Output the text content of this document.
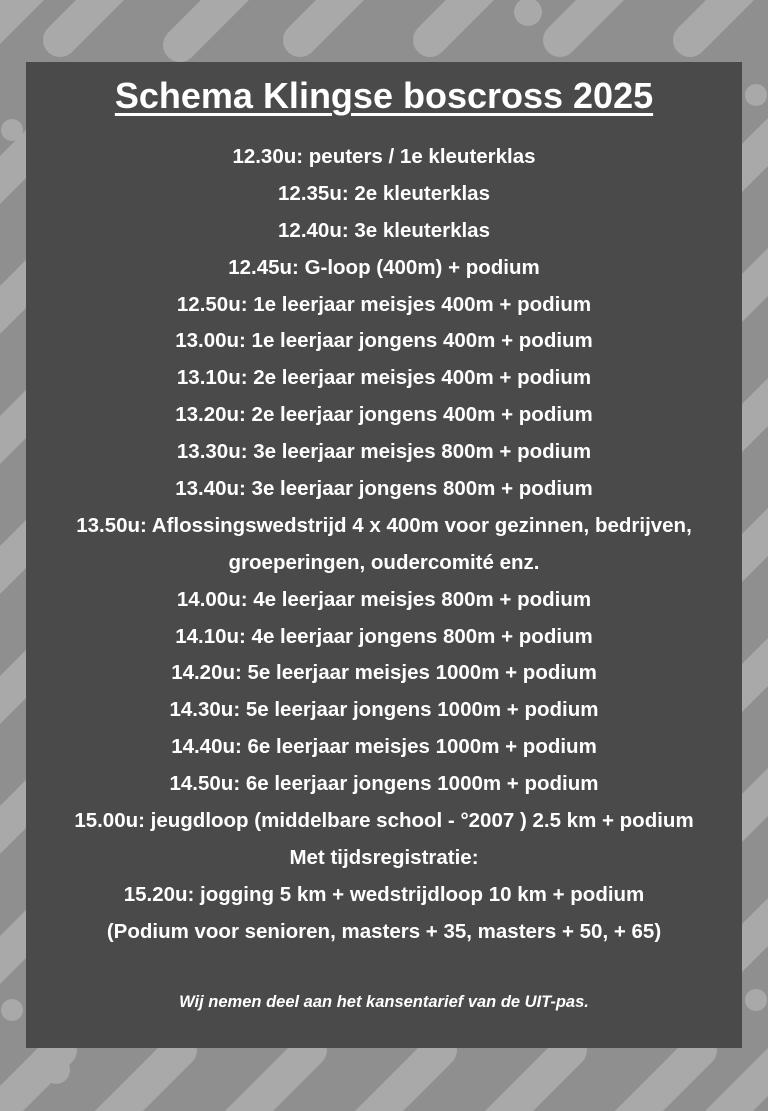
Schema Klingse boscross 2025
12.30u: peuters / 1e kleuterklas
12.35u: 2e kleuterklas
12.40u: 3e kleuterklas
12.45u: G-loop (400m) + podium
12.50u: 1e leerjaar meisjes 400m + podium
13.00u: 1e leerjaar jongens 400m + podium
13.10u: 2e leerjaar meisjes 400m + podium
13.20u: 2e leerjaar jongens 400m + podium
13.30u: 3e leerjaar meisjes 800m + podium
13.40u: 3e leerjaar jongens 800m + podium
13.50u: Aflossingswedstrijd 4 x 400m voor gezinnen, bedrijven,
groeperingen, oudercomité enz.
14.00u: 4e leerjaar meisjes 800m + podium
14.10u: 4e leerjaar jongens 800m + podium
14.20u: 5e leerjaar meisjes 1000m + podium
14.30u: 5e leerjaar jongens 1000m + podium
14.40u: 6e leerjaar meisjes 1000m + podium
14.50u: 6e leerjaar jongens 1000m + podium
15.00u: jeugdloop (middelbare school - °2007 ) 2.5 km + podium
Met tijdsregistratie:
15.20u: jogging 5 km + wedstrijdloop 10 km + podium
(Podium voor senioren, masters + 35, masters + 50, + 65)

Wij nemen deel aan het kansentarief van de UIT-pas.
